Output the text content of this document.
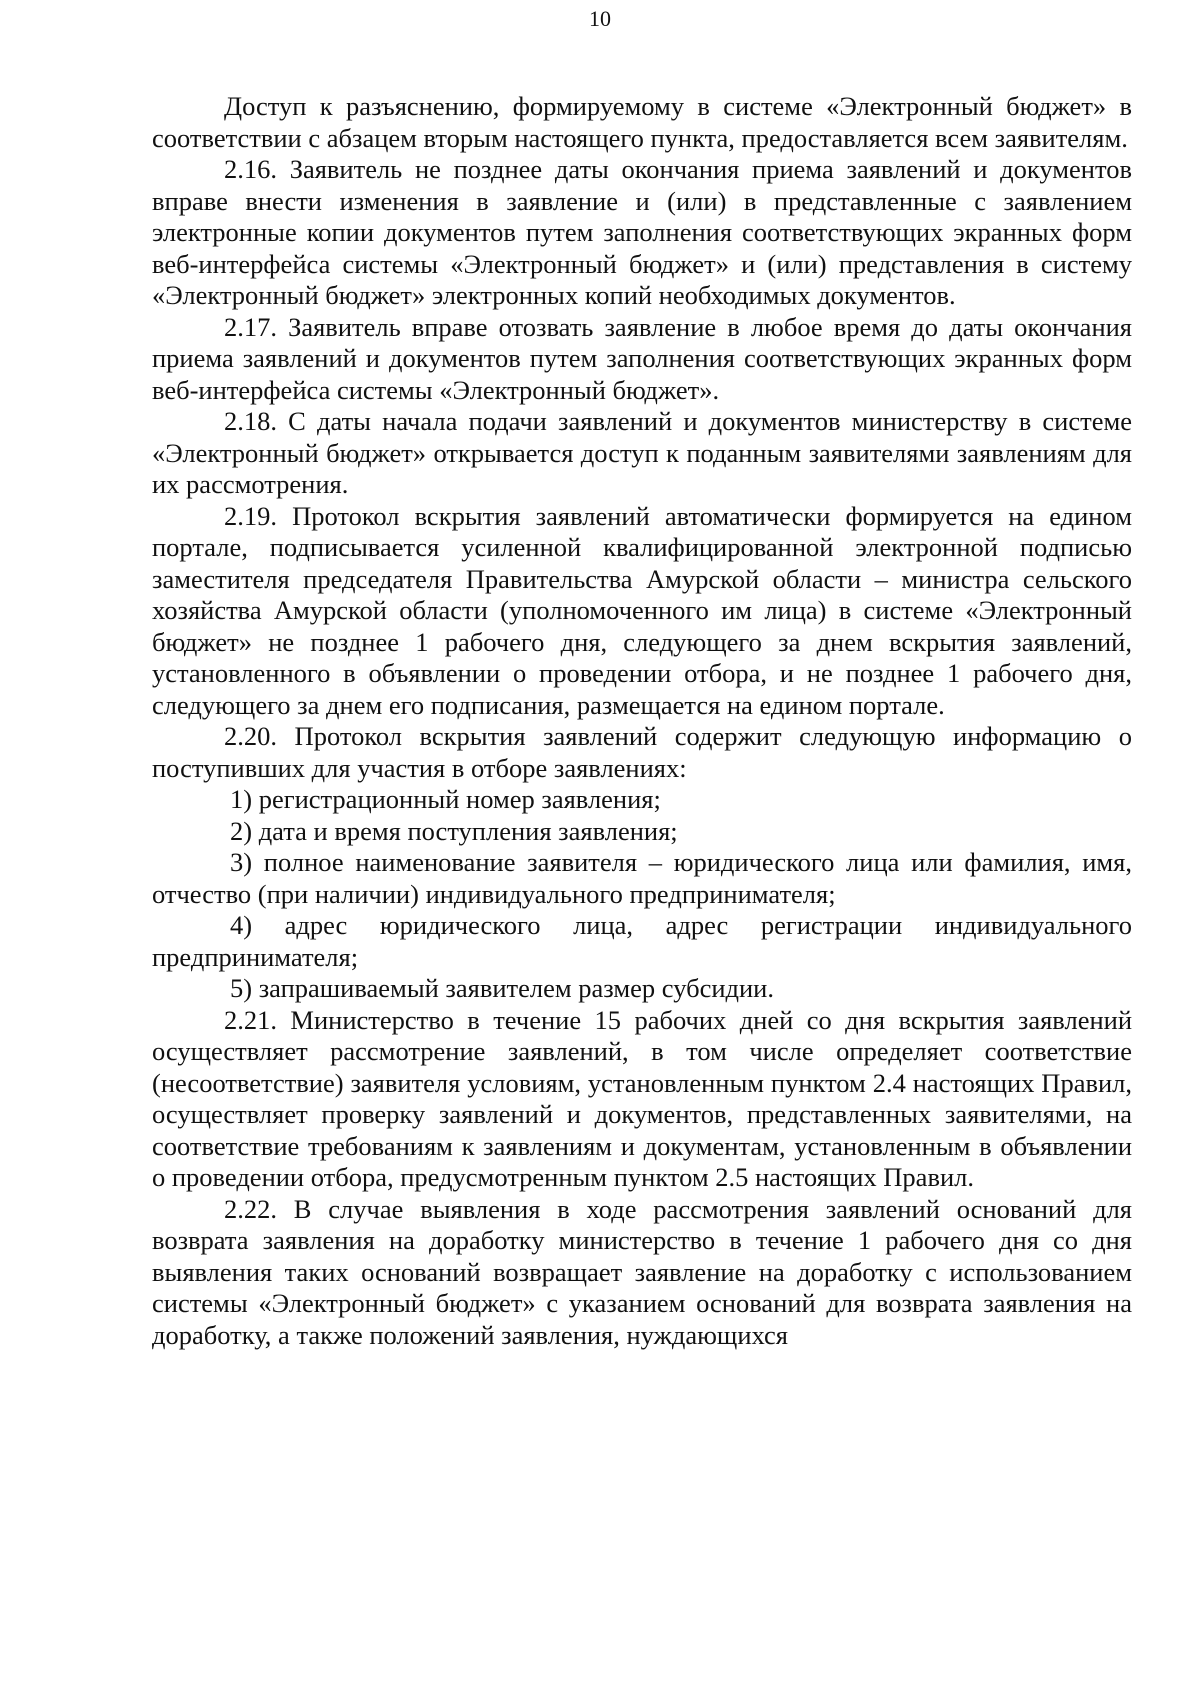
10

Доступ к разъяснению, формируемому в системе «Электронный бюджет» в соответствии с абзацем вторым настоящего пункта, предоставляется всем заявителям.

2.16. Заявитель не позднее даты окончания приема заявлений и документов вправе внести изменения в заявление и (или) в представленные с заявлением электронные копии документов путем заполнения соответствующих экранных форм веб-интерфейса системы «Электронный бюджет» и (или) представления в систему «Электронный бюджет» электронных копий необходимых документов.

2.17. Заявитель вправе отозвать заявление в любое время до даты окончания приема заявлений и документов путем заполнения соответствующих экранных форм веб-интерфейса системы «Электронный бюджет».

2.18. С даты начала подачи заявлений и документов министерству в системе «Электронный бюджет» открывается доступ к поданным заявителями заявлениям для их рассмотрения.

2.19. Протокол вскрытия заявлений автоматически формируется на едином портале, подписывается усиленной квалифицированной электронной подписью заместителя председателя Правительства Амурской области – министра сельского хозяйства Амурской области (уполномоченного им лица) в системе «Электронный бюджет» не позднее 1 рабочего дня, следующего за днем вскрытия заявлений, установленного в объявлении о проведении отбора, и не позднее 1 рабочего дня, следующего за днем его подписания, размещается на едином портале.

2.20. Протокол вскрытия заявлений содержит следующую информацию о поступивших для участия в отборе заявлениях:

1) регистрационный номер заявления;

2) дата и время поступления заявления;

3) полное наименование заявителя – юридического лица или фамилия, имя, отчество (при наличии) индивидуального предпринимателя;

4) адрес юридического лица, адрес регистрации индивидуального предпринимателя;

5) запрашиваемый заявителем размер субсидии.

2.21. Министерство в течение 15 рабочих дней со дня вскрытия заявлений осуществляет рассмотрение заявлений, в том числе определяет соответствие (несоответствие) заявителя условиям, установленным пунктом 2.4 настоящих Правил, осуществляет проверку заявлений и документов, представленных заявителями, на соответствие требованиям к заявлениям и документам, установленным в объявлении о проведении отбора, предусмотренным пунктом 2.5 настоящих Правил.

2.22. В случае выявления в ходе рассмотрения заявлений оснований для возврата заявления на доработку министерство в течение 1 рабочего дня со дня выявления таких оснований возвращает заявление на доработку с использованием системы «Электронный бюджет» с указанием оснований для возврата заявления на доработку, а также положений заявления, нуждающихся
